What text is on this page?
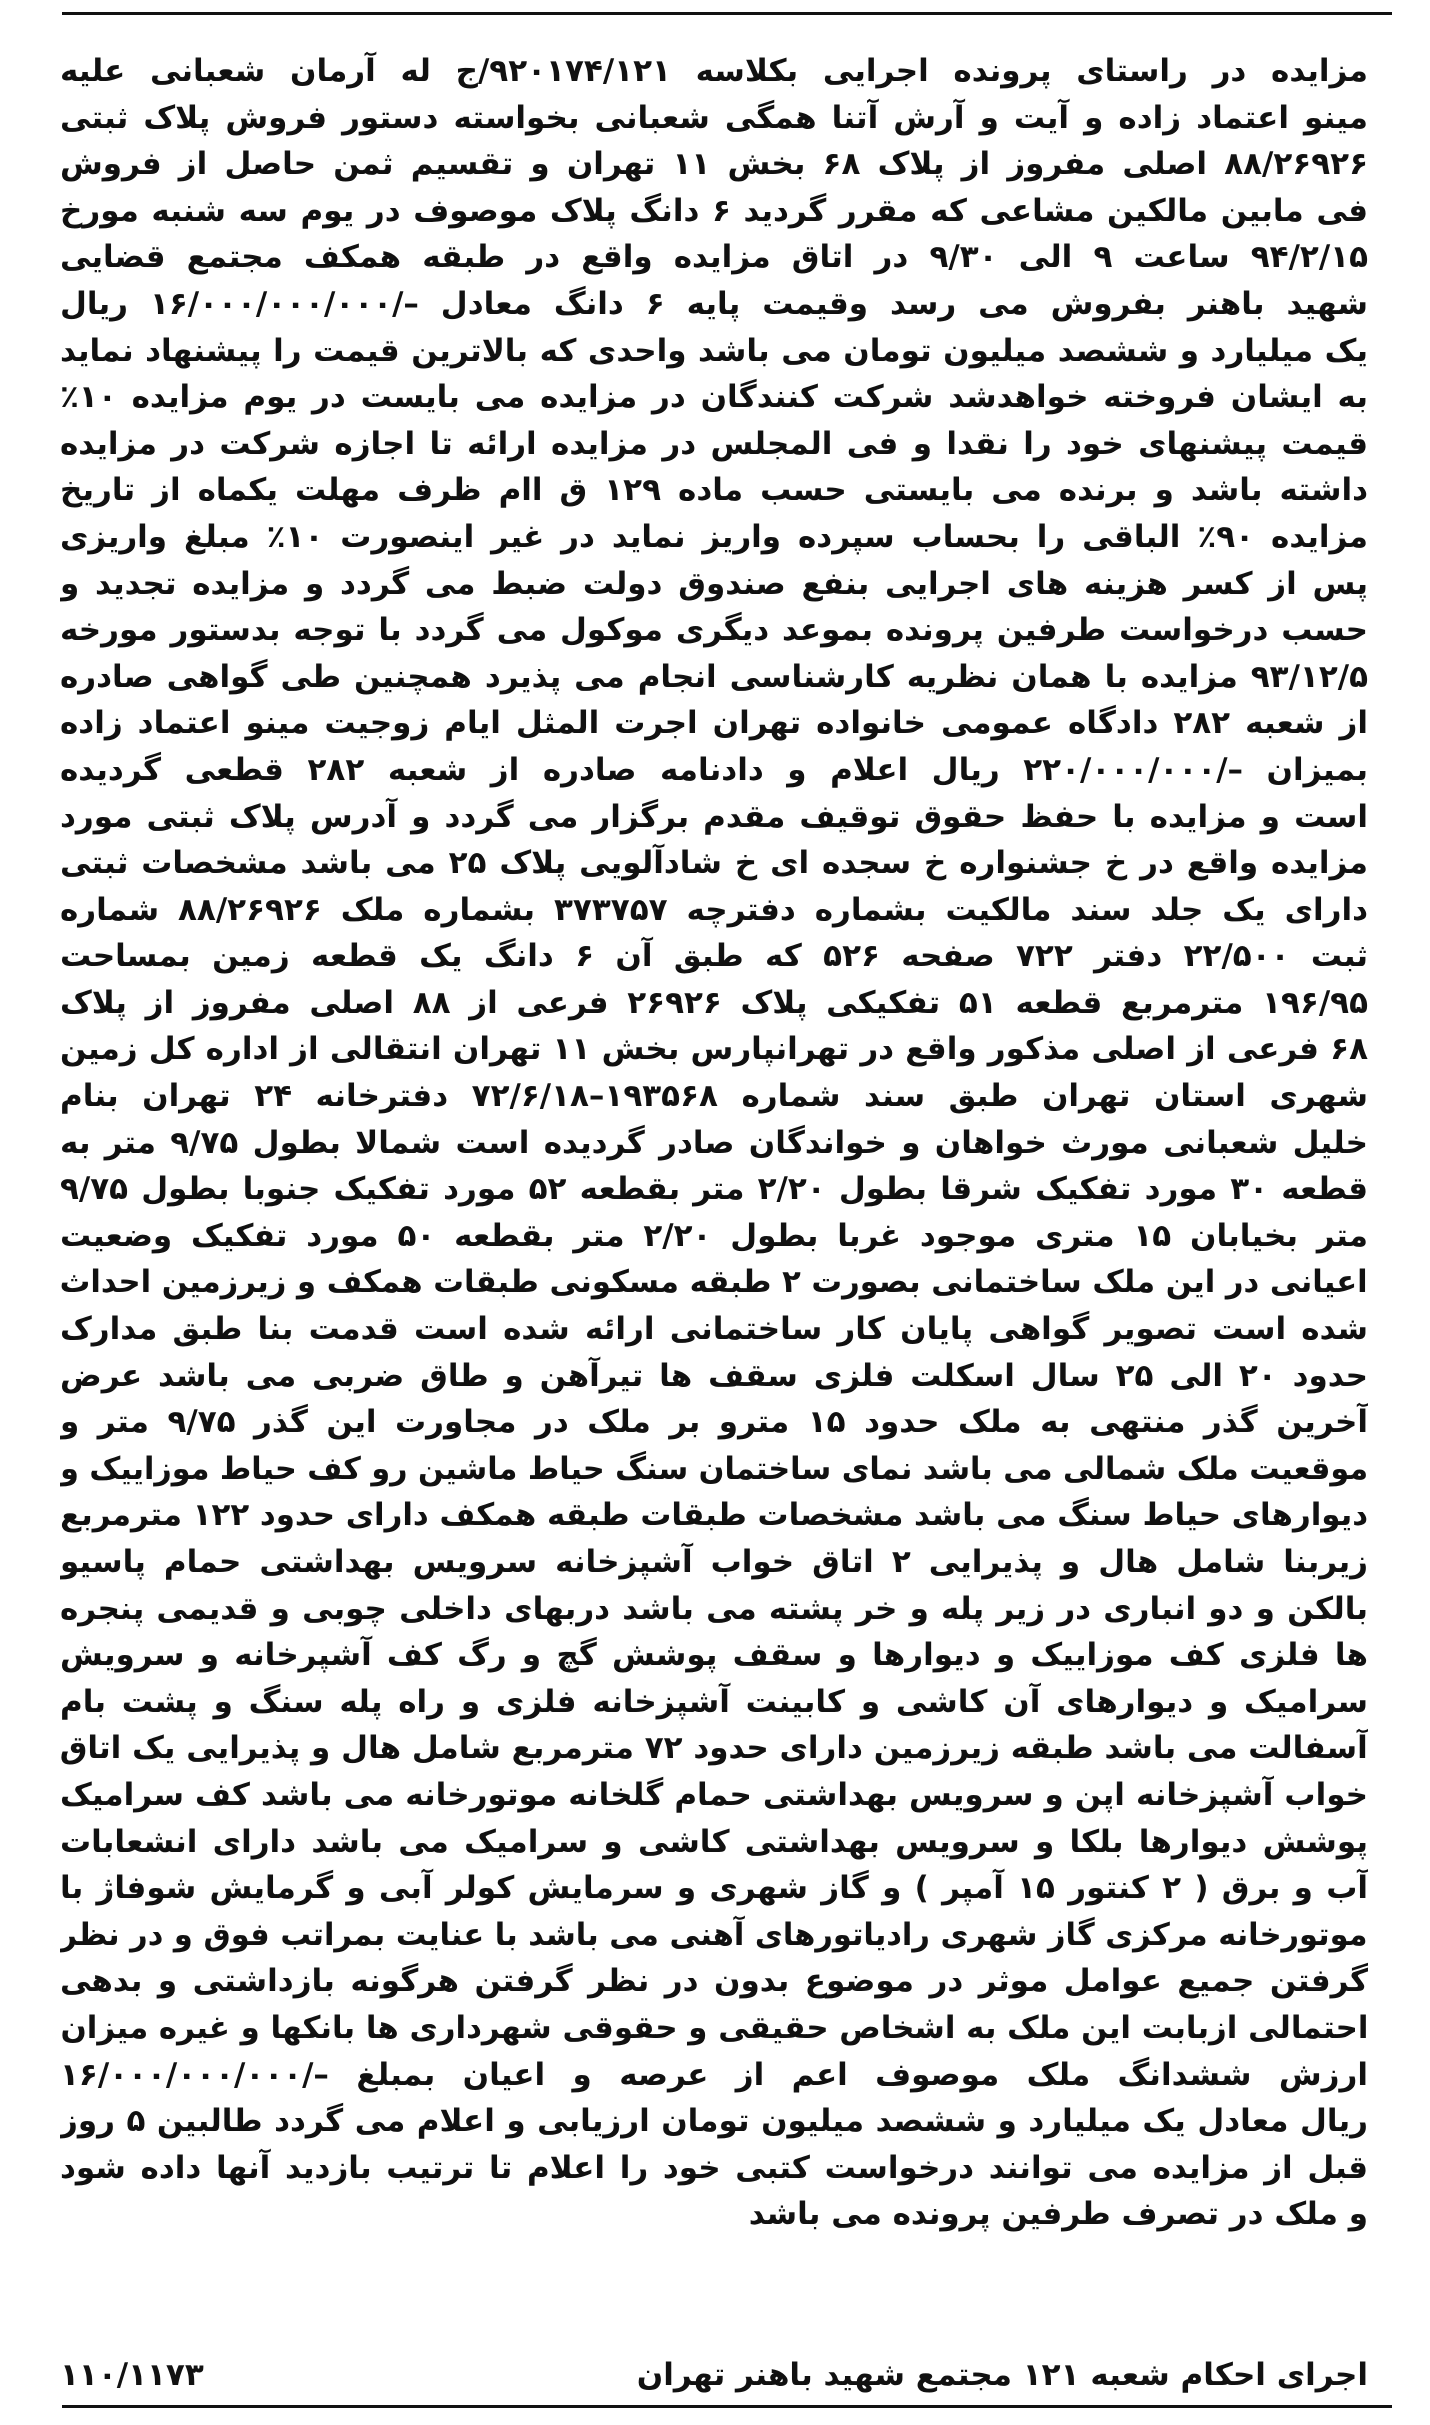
مزایده در راستای پرونده اجرایی بکلاسه ۹۲۰۱۷۴/۱۲۱/ج له آرمان شعبانی علیه
مینو اعتماد زاده و آیت و آرش آتنا همگی شعبانی بخواسته دستور فروش پلاک ثبتی
۸۸/۲۶۹۲۶ اصلی مفروز از پلاک ۶۸ بخش ۱۱ تهران و تقسیم ثمن حاصل از فروش
فی مابین مالکین مشاعی که مقرر گردید ۶ دانگ پلاک موصوف در یوم سه شنبه مورخ
۹۴/۲/۱۵ ساعت ۹ الی ۹/۳۰ در اتاق مزایده واقع در طبقه همکف مجتمع قضایی
شهید باهنر بفروش می رسد وقیمت پایه ۶ دانگ معادل –/۱۶/۰۰۰/۰۰۰/۰۰۰ ریال
یک میلیارد و ششصد میلیون تومان می باشد واحدی که بالاترین قیمت را پیشنهاد نماید
به ایشان فروخته خواهدشد شرکت کنندگان در مزایده می بایست در یوم مزایده ۱۰٪
قیمت پیشنهای خود را نقدا و فی المجلس در مزایده ارائه تا اجازه شرکت در مزایده
داشته باشد و برنده می بایستی حسب ماده ۱۲۹ ق اام ظرف مهلت یکماه از تاریخ
مزایده ۹۰٪ الباقی را بحساب سپرده واریز نماید در غیر اینصورت ۱۰٪ مبلغ واریزی
پس از کسر هزینه های اجرایی بنفع صندوق دولت ضبط می گردد و مزایده تجدید و
حسب درخواست طرفین پرونده بموعد دیگری موکول می گردد با توجه بدستور مورخه
۹۳/۱۲/۵ مزایده با همان نظریه کارشناسی انجام می پذیرد همچنین طی گواهی صادره
از شعبه ۲۸۲ دادگاه عمومی خانواده تهران اجرت المثل ایام زوجیت مینو اعتماد زاده
بمیزان –/۲۲۰/۰۰۰/۰۰۰ ریال اعلام و دادنامه صادره از شعبه ۲۸۲ قطعی گردیده
است و مزایده با حفظ حقوق توقیف مقدم برگزار می گردد و آدرس پلاک ثبتی مورد
مزایده واقع در خ جشنواره خ سجده ای خ شادآلویی پلاک ۲۵ می باشد مشخصات ثبتی
دارای یک جلد سند مالکیت بشماره دفترچه ۳۷۳۷۵۷ بشماره ملک ۸۸/۲۶۹۲۶ شماره
ثبت ۲۲/۵۰۰ دفتر ۷۲۲ صفحه ۵۲۶ که طبق آن ۶ دانگ یک قطعه زمین بمساحت
۱۹۶/۹۵ مترمربع قطعه ۵۱ تفکیکی پلاک ۲۶۹۲۶ فرعی از ۸۸ اصلی مفروز از پلاک
۶۸ فرعی از اصلی مذکور واقع در تهرانپارس بخش ۱۱ تهران انتقالی از اداره کل زمین
شهری استان تهران طبق سند شماره ۱۹۳۵۶۸–۷۲/۶/۱۸ دفترخانه ۲۴ تهران بنام
خلیل شعبانی مورث خواهان و خواندگان صادر گردیده است شمالا بطول ۹/۷۵ متر به
قطعه ۳۰ مورد تفکیک شرقا بطول ۲/۲۰ متر بقطعه ۵۲ مورد تفکیک جنوبا بطول ۹/۷۵
متر بخیابان ۱۵ متری موجود غربا بطول ۲/۲۰ متر بقطعه ۵۰ مورد تفکیک وضعیت
اعیانی در این ملک ساختمانی بصورت ۲ طبقه مسکونی طبقات همکف و زیرزمین احداث
شده است تصویر گواهی پایان کار ساختمانی ارائه شده است قدمت بنا طبق مدارک
حدود ۲۰ الی ۲۵ سال اسکلت فلزی سقف ها تیرآهن و طاق ضربی می باشد عرض
آخرین گذر منتهی به ملک حدود ۱۵ مترو بر ملک در مجاورت این گذر ۹/۷۵ متر و
موقعیت ملک شمالی می باشد نمای ساختمان سنگ حیاط ماشین رو کف حیاط موزاییک و
دیوارهای حیاط سنگ می باشد مشخصات طبقات طبقه همکف دارای حدود ۱۲۲ مترمربع
زیربنا شامل هال و پذیرایی ۲ اتاق خواب آشپزخانه سرویس بهداشتی حمام پاسیو
بالکن و دو انباری در زیر پله و خر پشته می باشد دربهای داخلی چوبی و قدیمی پنجره
ها فلزی کف موزاییک و دیوارها و سقف پوشش گچ و رگ کف آشپرخانه و سرویش
سرامیک و دیوارهای آن کاشی و کابینت آشپزخانه فلزی و راه پله سنگ و پشت بام
آسفالت می باشد طبقه زیرزمین دارای حدود ۷۲ مترمربع شامل هال و پذیرایی یک اتاق
خواب آشپزخانه اپن و سرویس بهداشتی حمام گلخانه موتورخانه می باشد کف سرامیک
پوشش دیوارها بلکا و سرویس بهداشتی کاشی و سرامیک می باشد دارای انشعابات
آب و برق ( ۲ کنتور ۱۵ آمپر ) و گاز شهری و سرمایش کولر آبی و گرمایش شوفاژ با
موتورخانه مرکزی گاز شهری رادیاتورهای آهنی می باشد با عنایت بمراتب فوق و در نظر
گرفتن جمیع عوامل موثر در موضوع بدون در نظر گرفتن هرگونه بازداشتی و بدهی
احتمالی ازبابت این ملک به اشخاص حقیقی و حقوقی شهرداری ها بانکها و غیره میزان
ارزش ششدانگ ملک موصوف اعم از عرصه و اعیان بمبلغ –/۱۶/۰۰۰/۰۰۰/۰۰۰
ریال معادل یک میلیارد و ششصد میلیون تومان ارزیابی و اعلام می گردد طالبین ۵ روز
قبل از مزایده می توانند درخواست کتبی خود را اعلام تا ترتیب بازدید آنها داده شود
و ملک در تصرف طرفین پرونده می باشد
اجرای احکام شعبه ۱۲۱ مجتمع شهید باهنر تهران
۱۱۰/۱۱۷۳
